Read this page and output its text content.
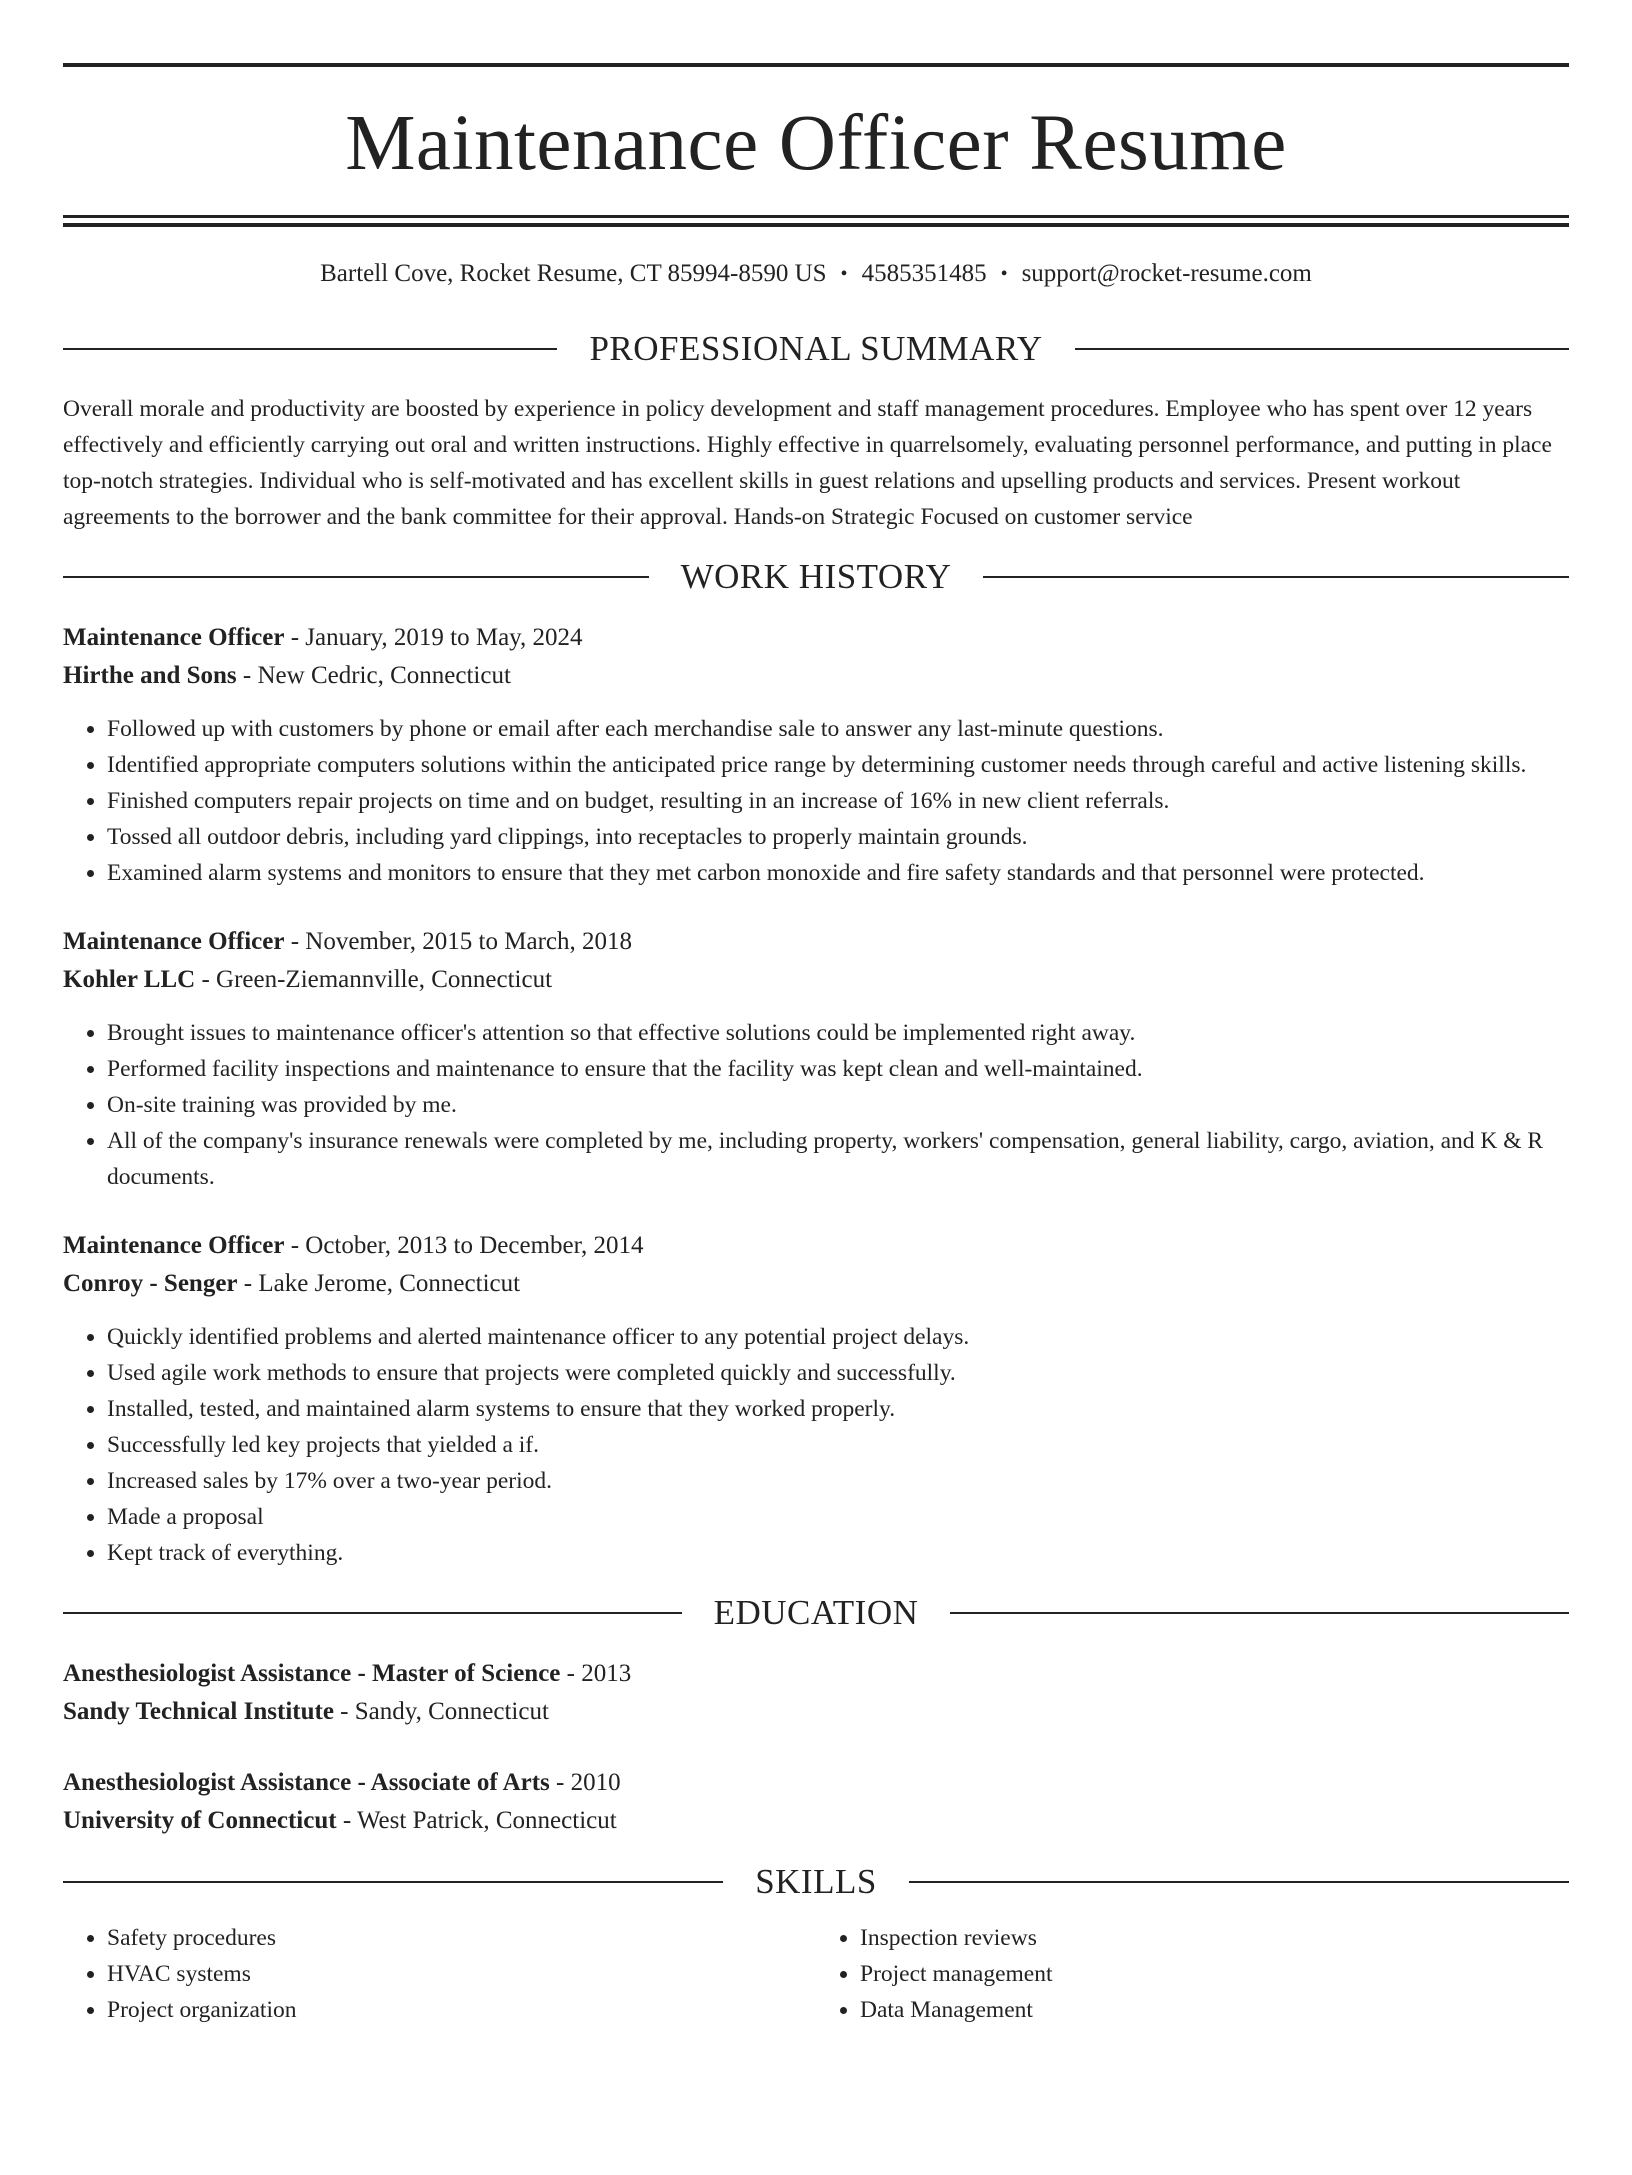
Maintenance Officer Resume
Bartell Cove, Rocket Resume, CT 85994-8590 US • 4585351485 • support@rocket-resume.com
PROFESSIONAL SUMMARY

Overall morale and productivity are boosted by experience in policy development and staff management procedures. Employee who has spent over 12 years effectively and efficiently carrying out oral and written instructions. Highly effective in quarrelsomely, evaluating personnel performance, and putting in place top-notch strategies. Individual who is self-motivated and has excellent skills in guest relations and upselling products and services. Present workout agreements to the borrower and the bank committee for their approval. Hands-on Strategic Focused on customer service

WORK HISTORY
Maintenance Officer - January, 2019 to May, 2024
Hirthe and Sons - New Cedric, Connecticut
• Followed up with customers by phone or email after each merchandise sale to answer any last-minute questions.
• Identified appropriate computers solutions within the anticipated price range by determining customer needs through careful and active listening skills.
• Finished computers repair projects on time and on budget, resulting in an increase of 16% in new client referrals.
• Tossed all outdoor debris, including yard clippings, into receptacles to properly maintain grounds.
• Examined alarm systems and monitors to ensure that they met carbon monoxide and fire safety standards and that personnel were protected.
Maintenance Officer - November, 2015 to March, 2018
Kohler LLC - Green-Ziemannville, Connecticut
• Brought issues to maintenance officer's attention so that effective solutions could be implemented right away.
• Performed facility inspections and maintenance to ensure that the facility was kept clean and well-maintained.
• On-site training was provided by me.
• All of the company's insurance renewals were completed by me, including property, workers' compensation, general liability, cargo, aviation, and K & R documents.
Maintenance Officer - October, 2013 to December, 2014
Conroy - Senger - Lake Jerome, Connecticut
• Quickly identified problems and alerted maintenance officer to any potential project delays.
• Used agile work methods to ensure that projects were completed quickly and successfully.
• Installed, tested, and maintained alarm systems to ensure that they worked properly.
• Successfully led key projects that yielded a if.
• Increased sales by 17% over a two-year period.
• Made a proposal
• Kept track of everything.
EDUCATION
Anesthesiologist Assistance - Master of Science - 2013
Sandy Technical Institute - Sandy, Connecticut
Anesthesiologist Assistance - Associate of Arts - 2010
University of Connecticut - West Patrick, Connecticut
SKILLS
• Safety procedures
• HVAC systems
• Project organization
• Inspection reviews
• Project management
• Data Management
